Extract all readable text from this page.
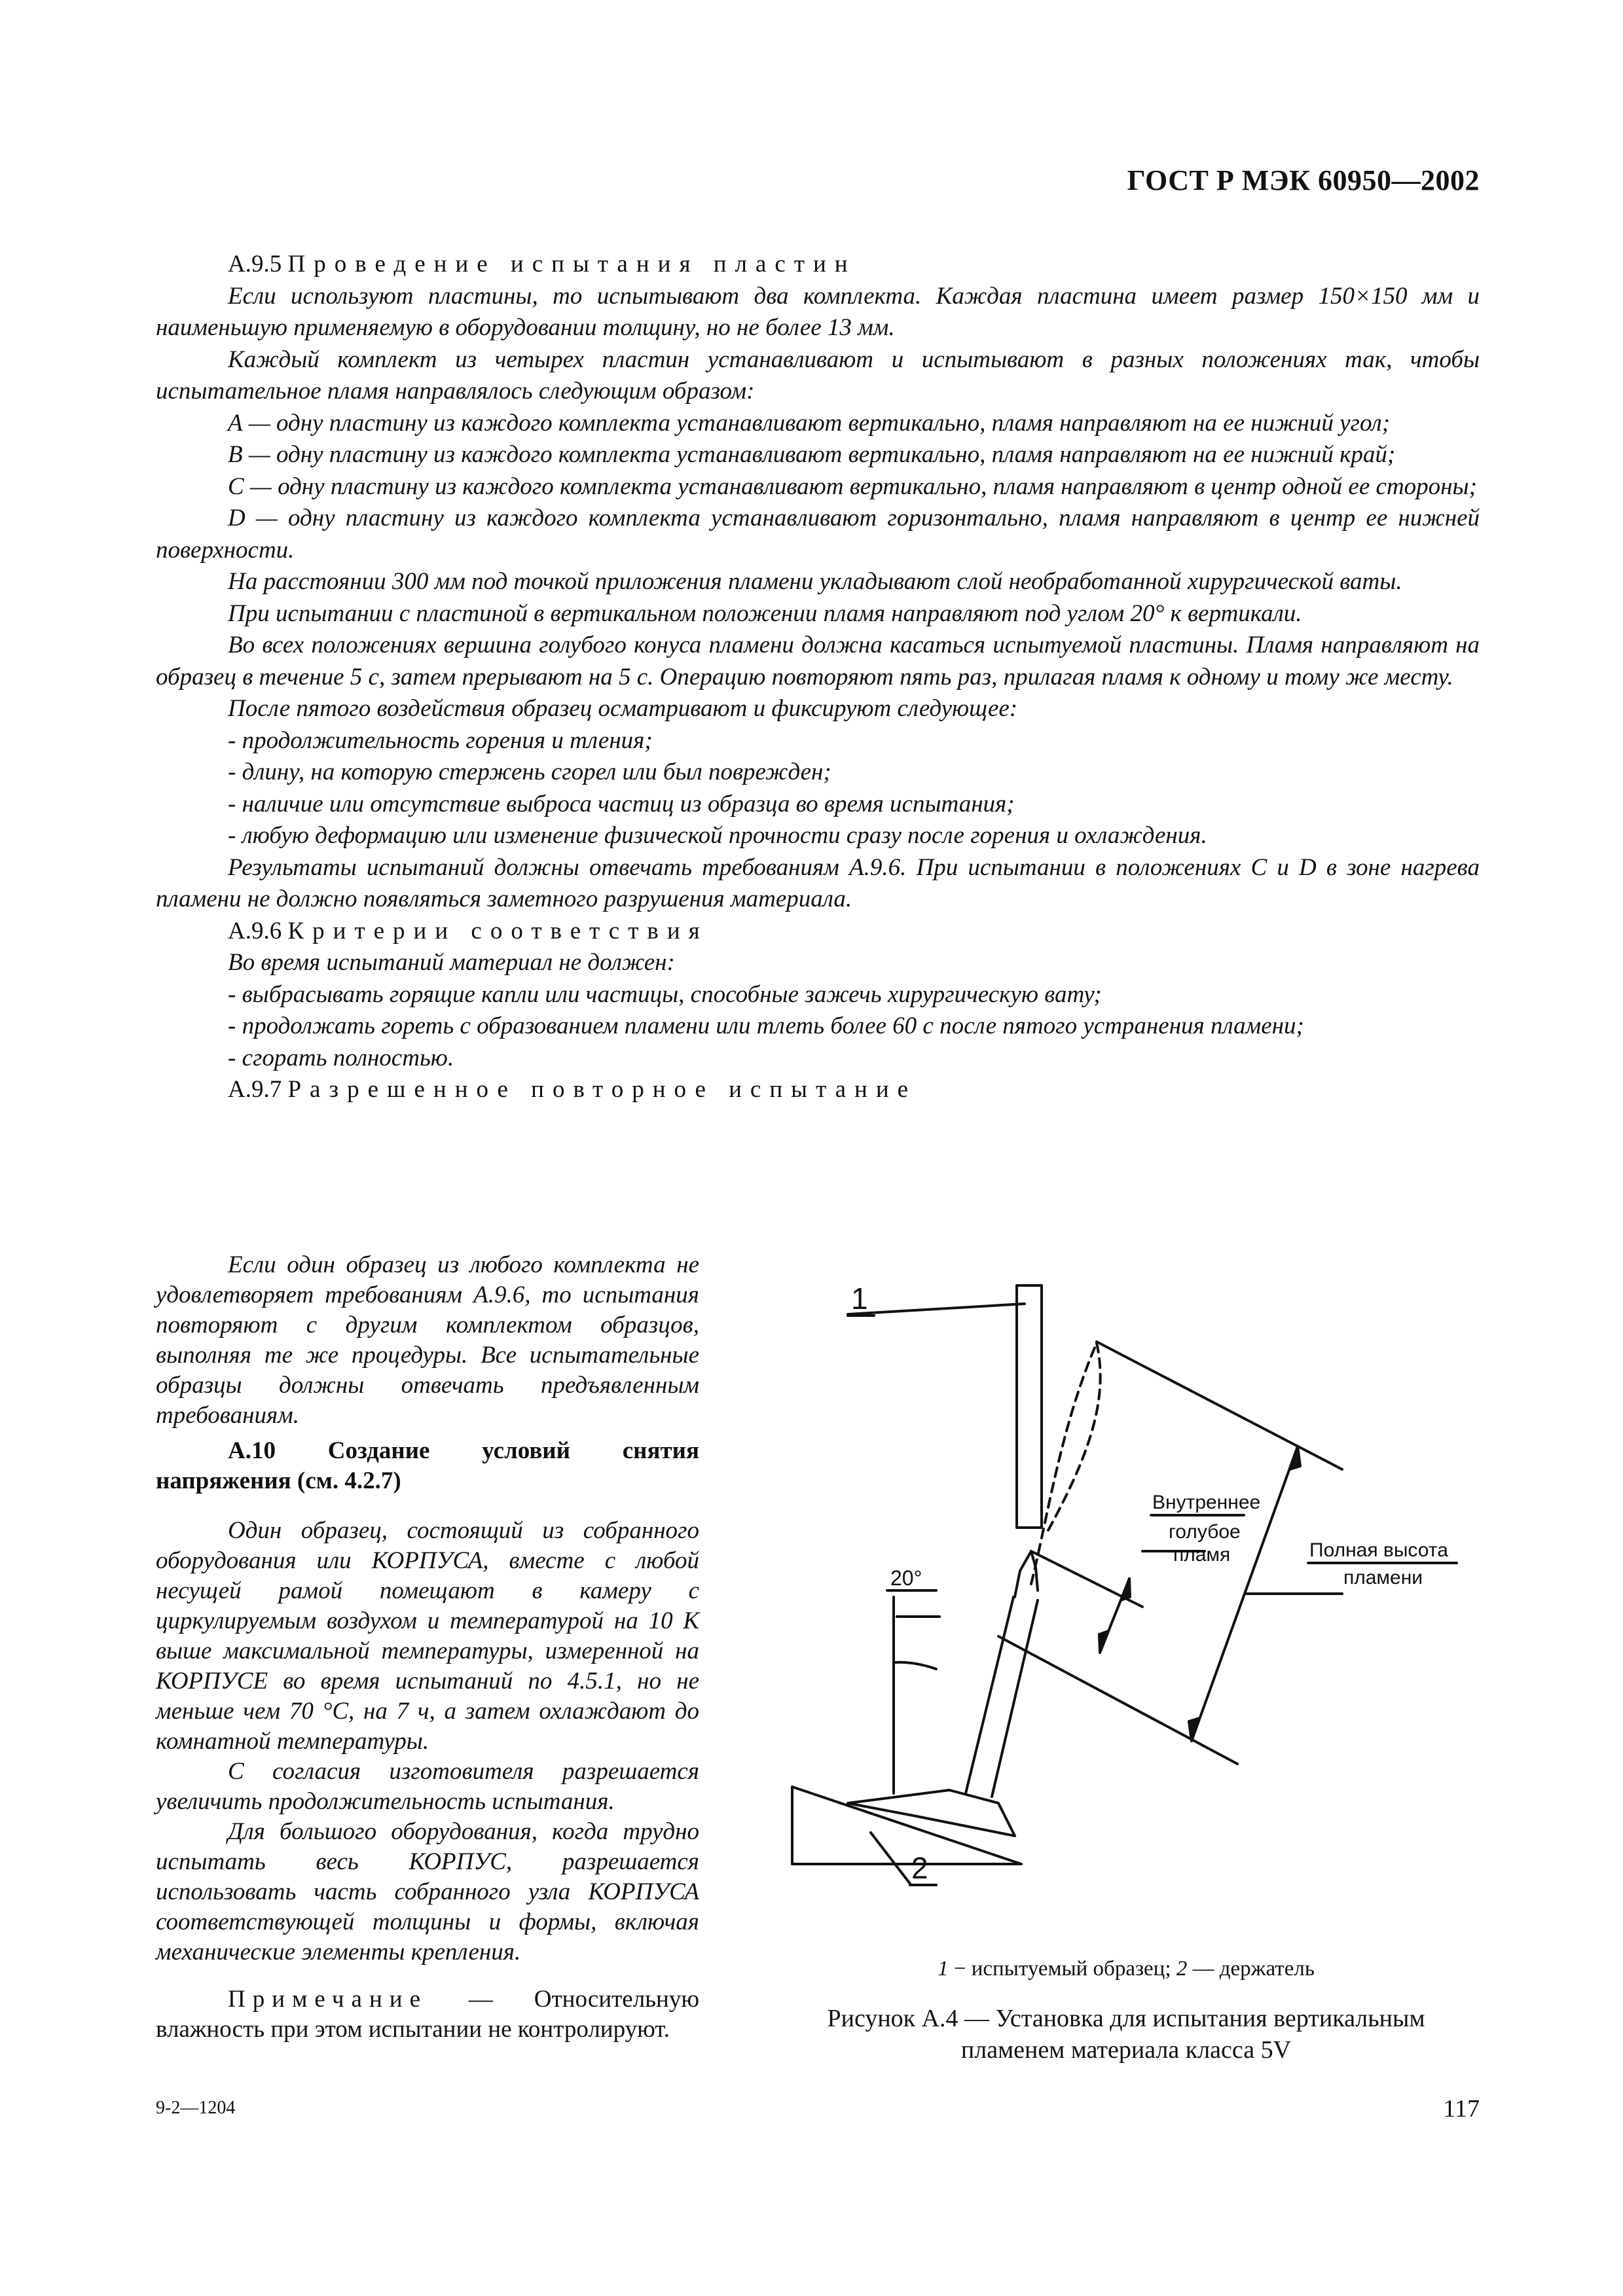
ГОСТ Р МЭК 60950—2002

А.9.5 Проведение испытания пластин

Если используют пластины, то испытывают два комплекта. Каждая пластина имеет размер 150×150 мм и наименьшую применяемую в оборудовании толщину, но не более 13 мм.

Каждый комплект из четырех пластин устанавливают и испытывают в разных положениях так, чтобы испытательное пламя направлялось следующим образом:

А — одну пластину из каждого комплекта устанавливают вертикально, пламя направляют на ее нижний угол;

В — одну пластину из каждого комплекта устанавливают вертикально, пламя направляют на ее нижний край;

С — одну пластину из каждого комплекта устанавливают вертикально, пламя направляют в центр одной ее стороны;

D — одну пластину из каждого комплекта устанавливают горизонтально, пламя направляют в центр ее нижней поверхности.

На расстоянии 300 мм под точкой приложения пламени укладывают слой необработанной хирургической ваты.

При испытании с пластиной в вертикальном положении пламя направляют под углом 20° к вертикали.

Во всех положениях вершина голубого конуса пламени должна касаться испытуемой пластины. Пламя направляют на образец в течение 5 с, затем прерывают на 5 с. Операцию повторяют пять раз, прилагая пламя к одному и тому же месту.

После пятого воздействия образец осматривают и фиксируют следующее:

- продолжительность горения и тления;

- длину, на которую стержень сгорел или был поврежден;

- наличие или отсутствие выброса частиц из образца во время испытания;

- любую деформацию или изменение физической прочности сразу после горения и охлаждения.

Результаты испытаний должны отвечать требованиям А.9.6. При испытании в положениях С и D в зоне нагрева пламени не должно появляться заметного разрушения материала.

А.9.6 Критерии соответствия

Во время испытаний материал не должен:

- выбрасывать горящие капли или частицы, способные зажечь хирургическую вату;

- продолжать гореть с образованием пламени или тлеть более 60 с после пятого устранения пламени;

- сгорать полностью.

А.9.7 Разрешенное повторное испытание

Если один образец из любого комплекта не удовлетворяет требованиям А.9.6, то испытания повторяют с другим комплектом образцов, выполняя те же процедуры. Все испытательные образцы должны отвечать предъявленным требованиям.

А.10 Создание условий снятия напряжения (см. 4.2.7)

Один образец, состоящий из собранного оборудования или КОРПУСА, вместе с любой несущей рамой помещают в камеру с циркулируемым воздухом и температурой на 10 К выше максимальной температуры, измеренной на КОРПУСЕ во время испытаний по 4.5.1, но не меньше чем 70 °С, на 7 ч, а затем охлаждают до комнатной температуры.

С согласия изготовителя разрешается увеличить продолжительность испытания.

Для большого оборудования, когда трудно испытать весь КОРПУС, разрешается использовать часть собранного узла КОРПУСА соответствующей толщины и формы, включая механические элементы крепления.

Примечание — Относительную влажность при этом испытании не контролируют.

1
2
20°
Внутреннее
голубое
пламя	Полная высота
пламени
1 − испытуемый образец; 2 — держатель
Рисунок А.4 — Установка для испытания вертикальным
пламенем материала класса 5V
9-2—1204	117
